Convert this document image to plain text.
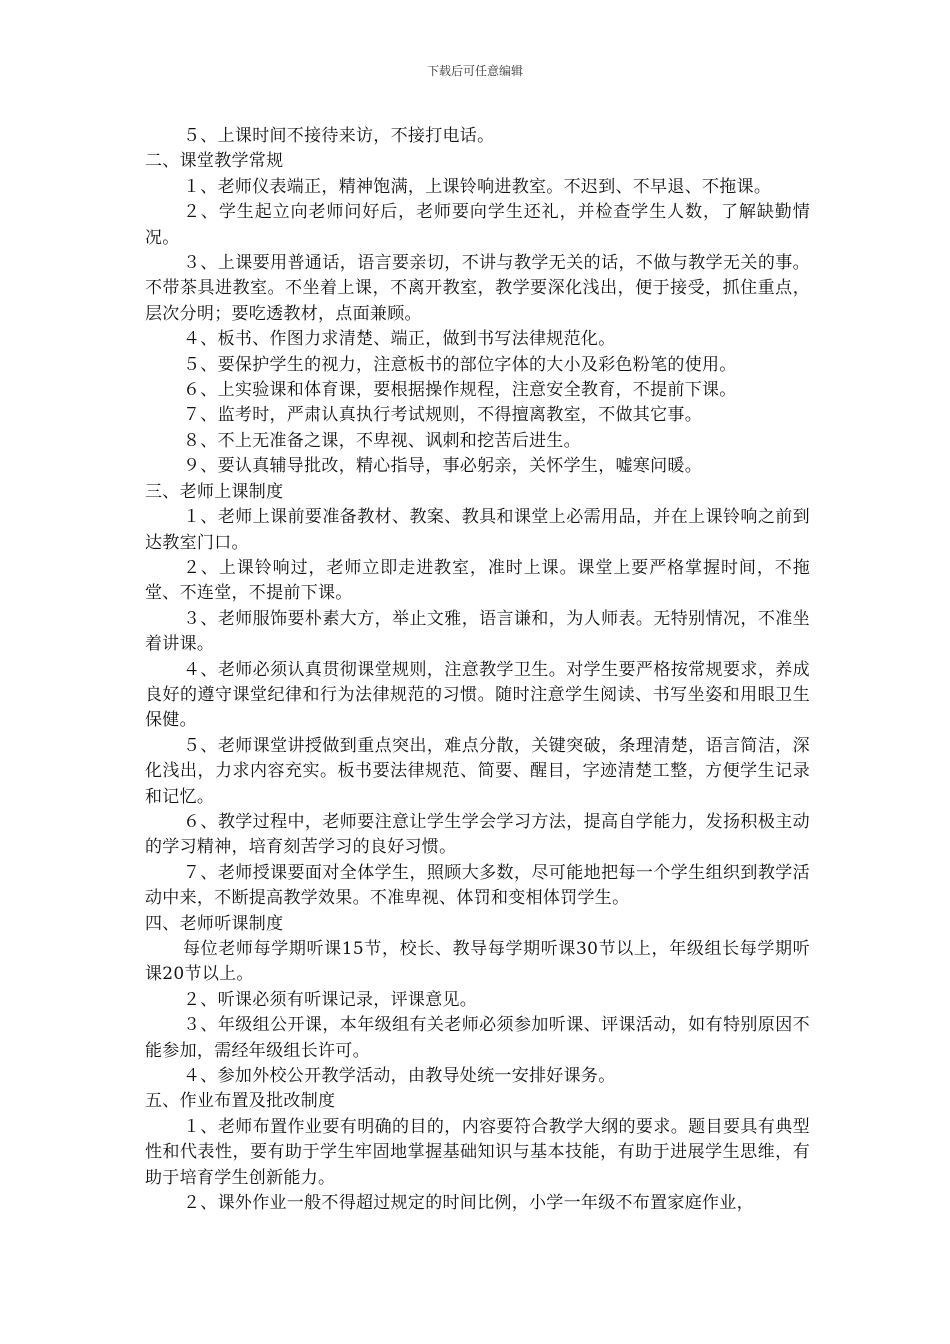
下载后可任意编辑

５、上课时间不接待来访，不接打电话。

二、课堂教学常规

１、老师仪表端正，精神饱满，上课铃响进教室。不迟到、不早退、不拖课。

２、学生起立向老师问好后，老师要向学生还礼，并检查学生人数，了解缺勤情况。

３、上课要用普通话，语言要亲切，不讲与教学无关的话，不做与教学无关的事。不带茶具进教室。不坐着上课，不离开教室，教学要深化浅出，便于接受，抓住重点，层次分明；要吃透教材，点面兼顾。

４、板书、作图力求清楚、端正，做到书写法律规范化。

５、要保护学生的视力，注意板书的部位字体的大小及彩色粉笔的使用。

６、上实验课和体育课，要根据操作规程，注意安全教育，不提前下课。

７、监考时，严肃认真执行考试规则，不得擅离教室，不做其它事。

８、不上无准备之课，不卑视、讽刺和挖苦后进生。

９、要认真辅导批改，精心指导，事必躬亲，关怀学生，嘘寒问暖。

三、老师上课制度

１、老师上课前要准备教材、教案、教具和课堂上必需用品，并在上课铃响之前到达教室门口。

２、上课铃响过，老师立即走进教室，准时上课。课堂上要严格掌握时间，不拖堂、不连堂，不提前下课。

３、老师服饰要朴素大方，举止文雅，语言谦和，为人师表。无特别情况，不准坐着讲课。

４、老师必须认真贯彻课堂规则，注意教学卫生。对学生要严格按常规要求，养成良好的遵守课堂纪律和行为法律规范的习惯。随时注意学生阅读、书写坐姿和用眼卫生保健。

５、老师课堂讲授做到重点突出，难点分散，关键突破，条理清楚，语言简洁，深化浅出，力求内容充实。板书要法律规范、简要、醒目，字迹清楚工整，方便学生记录和记忆。

６、教学过程中，老师要注意让学生学会学习方法，提高自学能力，发扬积极主动的学习精神，培育刻苦学习的良好习惯。

７、老师授课要面对全体学生，照顾大多数，尽可能地把每一个学生组织到教学活动中来，不断提高教学效果。不准卑视、体罚和变相体罚学生。

四、老师听课制度

每位老师每学期听课15节，校长、教导每学期听课30节以上，年级组长每学期听课20节以上。

２、听课必须有听课记录，评课意见。

３、年级组公开课，本年级组有关老师必须参加听课、评课活动，如有特别原因不能参加，需经年级组长许可。

４、参加外校公开教学活动，由教导处统一安排好课务。

五、作业布置及批改制度

１、老师布置作业要有明确的目的，内容要符合教学大纲的要求。题目要具有典型性和代表性，要有助于学生牢固地掌握基础知识与基本技能，有助于进展学生思维，有助于培育学生创新能力。

２、课外作业一般不得超过规定的时间比例，小学一年级不布置家庭作业，
